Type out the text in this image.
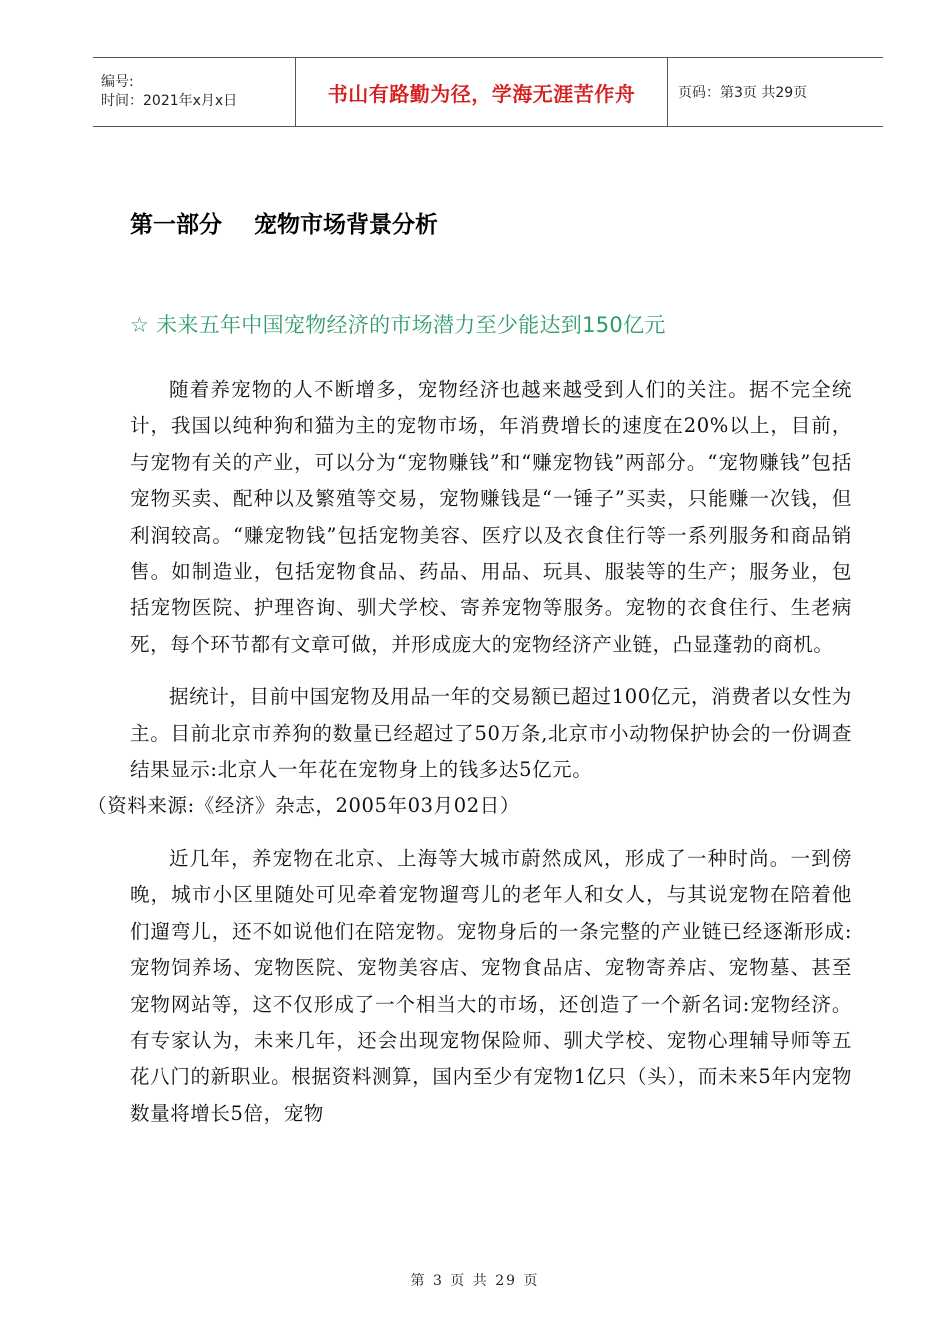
编号:
时间：2021年x月x日	书山有路勤为径，学海无涯苦作舟	页码：第3页 共29页
第一部分    宠物市场背景分析
☆ 未来五年中国宠物经济的市场潜力至少能达到150亿元

随着养宠物的人不断增多，宠物经济也越来越受到人们的关注。据不完全统计，我国以纯种狗和猫为主的宠物市场，年消费增长的速度在20%以上，目前，与宠物有关的产业，可以分为“宠物赚钱”和“赚宠物钱”两部分。“宠物赚钱”包括宠物买卖、配种以及繁殖等交易，宠物赚钱是“一锤子”买卖，只能赚一次钱，但利润较高。“赚宠物钱”包括宠物美容、医疗以及衣食住行等一系列服务和商品销售。如制造业，包括宠物食品、药品、用品、玩具、服装等的生产；服务业，包括宠物医院、护理咨询、驯犬学校、寄养宠物等服务。宠物的衣食住行、生老病死，每个环节都有文章可做，并形成庞大的宠物经济产业链，凸显蓬勃的商机。

据统计，目前中国宠物及用品一年的交易额已超过100亿元，消费者以女性为主。目前北京市养狗的数量已经超过了50万条,北京市小动物保护协会的一份调查结果显示:北京人一年花在宠物身上的钱多达5亿元。
（资料来源:《经济》杂志，2005年03月02日）

近几年，养宠物在北京、上海等大城市蔚然成风，形成了一种时尚。一到傍晚，城市小区里随处可见牵着宠物遛弯儿的老年人和女人，与其说宠物在陪着他们遛弯儿，还不如说他们在陪宠物。宠物身后的一条完整的产业链已经逐渐形成:宠物饲养场、宠物医院、宠物美容店、宠物食品店、宠物寄养店、宠物墓、甚至宠物网站等，这不仅形成了一个相当大的市场，还创造了一个新名词:宠物经济。有专家认为，未来几年，还会出现宠物保险师、驯犬学校、宠物心理辅导师等五花八门的新职业。根据资料测算，国内至少有宠物1亿只（头），而未来5年内宠物数量将增长5倍，宠物

第 3 页 共 29 页
